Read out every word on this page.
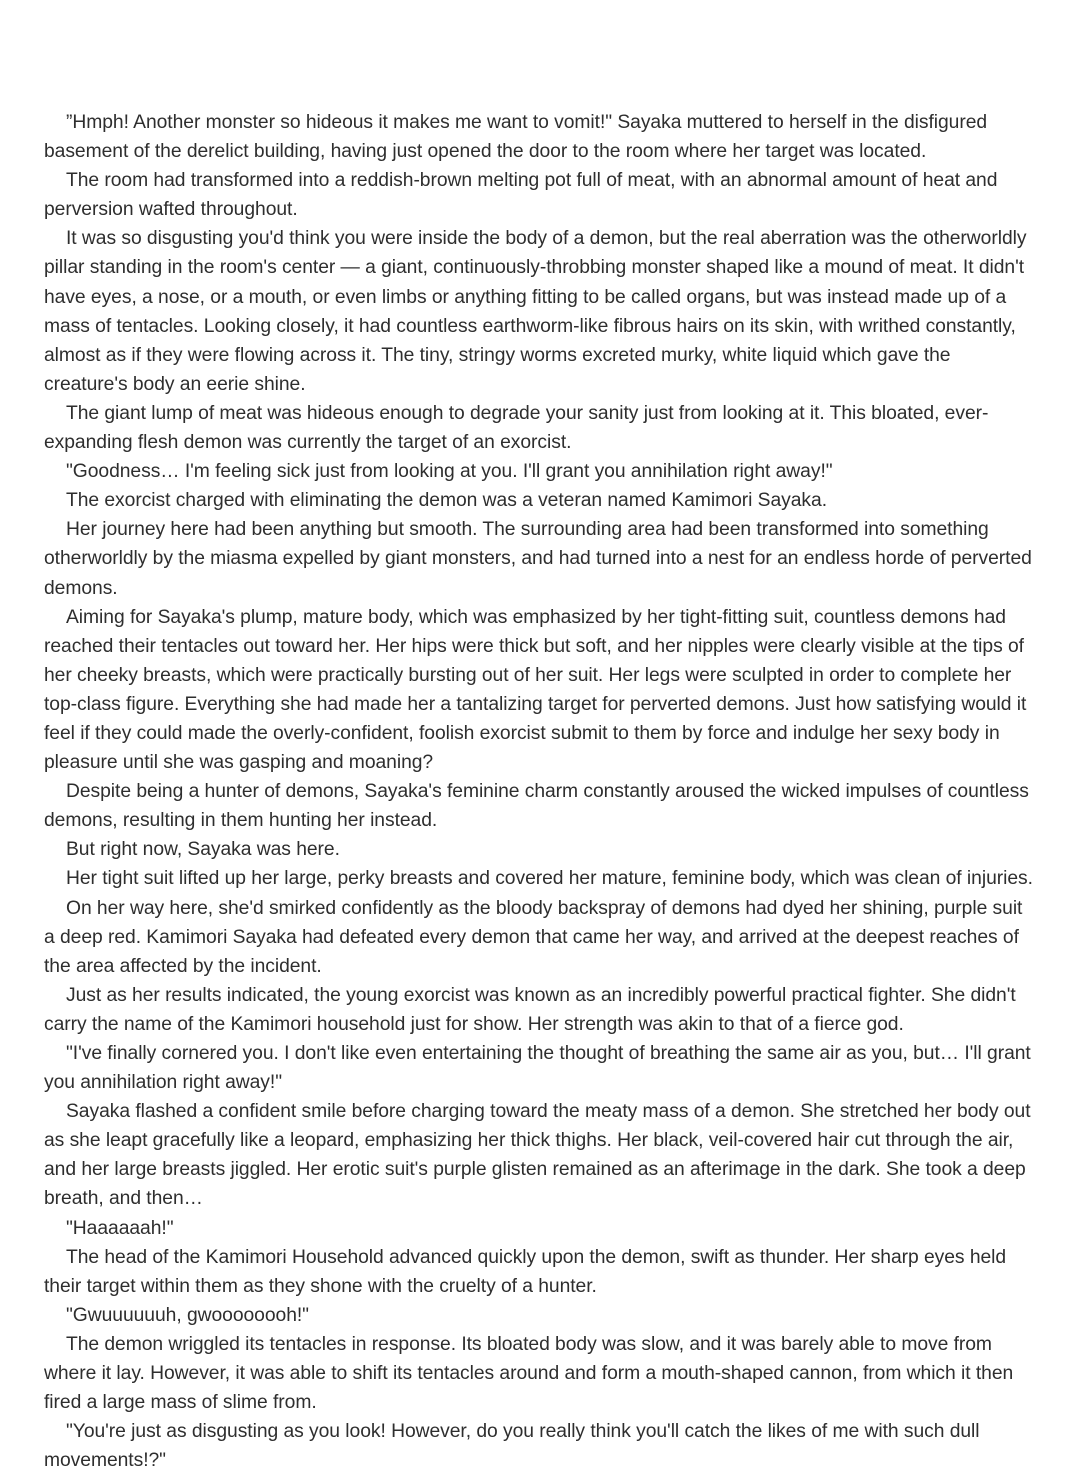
”Hmph! Another monster so hideous it makes me want to vomit!" Sayaka muttered to herself in the disfigured basement of the derelict building, having just opened the door to the room where her target was located.

The room had transformed into a reddish-brown melting pot full of meat, with an abnormal amount of heat and perversion wafted throughout.

It was so disgusting you'd think you were inside the body of a demon, but the real aberration was the otherworldly pillar standing in the room's center — a giant, continuously-throbbing monster shaped like a mound of meat. It didn't have eyes, a nose, or a mouth, or even limbs or anything fitting to be called organs, but was instead made up of a mass of tentacles. Looking closely, it had countless earthworm-like fibrous hairs on its skin, with writhed constantly, almost as if they were flowing across it. The tiny, stringy worms excreted murky, white liquid which gave the creature's body an eerie shine.

The giant lump of meat was hideous enough to degrade your sanity just from looking at it. This bloated, ever-expanding flesh demon was currently the target of an exorcist.

"Goodness… I'm feeling sick just from looking at you. I'll grant you annihilation right away!"

The exorcist charged with eliminating the demon was a veteran named Kamimori Sayaka.

Her journey here had been anything but smooth. The surrounding area had been transformed into something otherworldly by the miasma expelled by giant monsters, and had turned into a nest for an endless horde of perverted demons.

Aiming for Sayaka's plump, mature body, which was emphasized by her tight-fitting suit, countless demons had reached their tentacles out toward her. Her hips were thick but soft, and her nipples were clearly visible at the tips of her cheeky breasts, which were practically bursting out of her suit. Her legs were sculpted in order to complete her top-class figure. Everything she had made her a tantalizing target for perverted demons. Just how satisfying would it feel if they could made the overly-confident, foolish exorcist submit to them by force and indulge her sexy body in pleasure until she was gasping and moaning?

Despite being a hunter of demons, Sayaka's feminine charm constantly aroused the wicked impulses of countless demons, resulting in them hunting her instead.

But right now, Sayaka was here.

Her tight suit lifted up her large, perky breasts and covered her mature, feminine body, which was clean of injuries.

On her way here, she'd smirked confidently as the bloody backspray of demons had dyed her shining, purple suit a deep red. Kamimori Sayaka had defeated every demon that came her way, and arrived at the deepest reaches of the area affected by the incident.

Just as her results indicated, the young exorcist was known as an incredibly powerful practical fighter. She didn't carry the name of the Kamimori household just for show. Her strength was akin to that of a fierce god.

"I've finally cornered you. I don't like even entertaining the thought of breathing the same air as you, but… I'll grant you annihilation right away!"

Sayaka flashed a confident smile before charging toward the meaty mass of a demon. She stretched her body out as she leapt gracefully like a leopard, emphasizing her thick thighs. Her black, veil-covered hair cut through the air, and her large breasts jiggled. Her erotic suit's purple glisten remained as an afterimage in the dark. She took a deep breath, and then…

"Haaaaaah!"

The head of the Kamimori Household advanced quickly upon the demon, swift as thunder. Her sharp eyes held their target within them as they shone with the cruelty of a hunter.

"Gwuuuuuuh, gwoooooooh!"

The demon wriggled its tentacles in response. Its bloated body was slow, and it was barely able to move from where it lay. However, it was able to shift its tentacles around and form a mouth-shaped cannon, from which it then fired a large mass of slime from.

"You're just as disgusting as you look! However, do you really think you'll catch the likes of me with such dull movements!?"
